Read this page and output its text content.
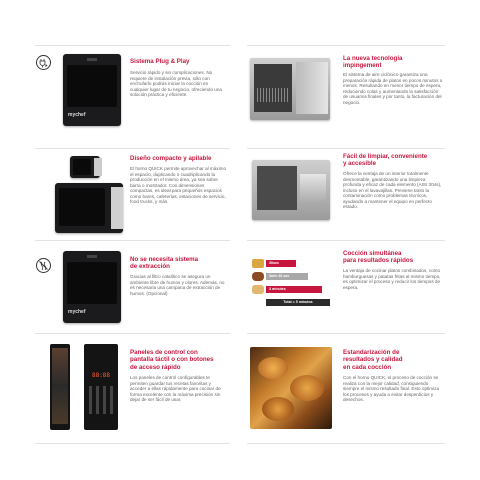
mychef
Sistema Plug & Play

Servicio rápido y sin complicaciones. No requiere de instalación previa, sólo con enchufarlo podrás iniciar la cocción en cualquier lugar de tu negocio, ofreciendo una solución práctica y eficiente.

La nueva tecnología
impingement

El sistema de aire ciclónico garantiza una preparación rápida de platos en pocos minutos o menos. Resultando en menor tiempo de espera, reduciendo colas y aumentando la satisfacción de usuarios finales y por tanto, la facturación del negocio.

Diseño compacto y apilable

El horno QUICK permite aprovechar al máximo el espacio, duplicando o cuadriplicando la producción en el mismo área, ya sea sobre barra o mostrador. Con dimensiones compactas, es ideal para pequeños espacios como bares, cafeterías, estaciones de servicio, food trucks, y más.

Fácil de limpiar, conveniente
y accesible

Ofrece la ventaja de un interior totalmente desmontable, garantizando una limpieza profunda y eficaz de cada elemento (AISI 304s), incluso en el lavavajillas. Previene tanto la contaminación como problemas técnicos, ayudando a mantener el equipo en perfecto estado.

mychef
No se necesita sistema
de extracción

Gracias al filtro catalítico se asegura un ambiente libre de humos y olores. Además, no es necesaria una campana de extracción de humos. (Opcional)

30sec
3min 40 sec
3 minutes
Total = 5 minutos
Cocción simultánea
para resultados rápidos

La ventaja de cocinar platos combinados, como hamburguesas y patatas fritas al mismo tiempo, es optimizar el proceso y reducir los tiempos de espera.

88:88
Paneles de control con
pantalla táctil o con botones
de acceso rápido

Los paneles de control configurables te permiten guardar tus recetas favoritas y acceder a ellas rápidamente para cocinar de forma excelente con la máxima precisión sin dejar de ser fácil de usar.

Estandarización de
resultados y calidad
en cada cocción

Con el horno QUICK, el proceso de cocción se realiza con la mejor calidad, consiguiendo siempre el mismo resultado final. Esto optimiza los procesos y ayuda a evitar desperdicios y desechos.
